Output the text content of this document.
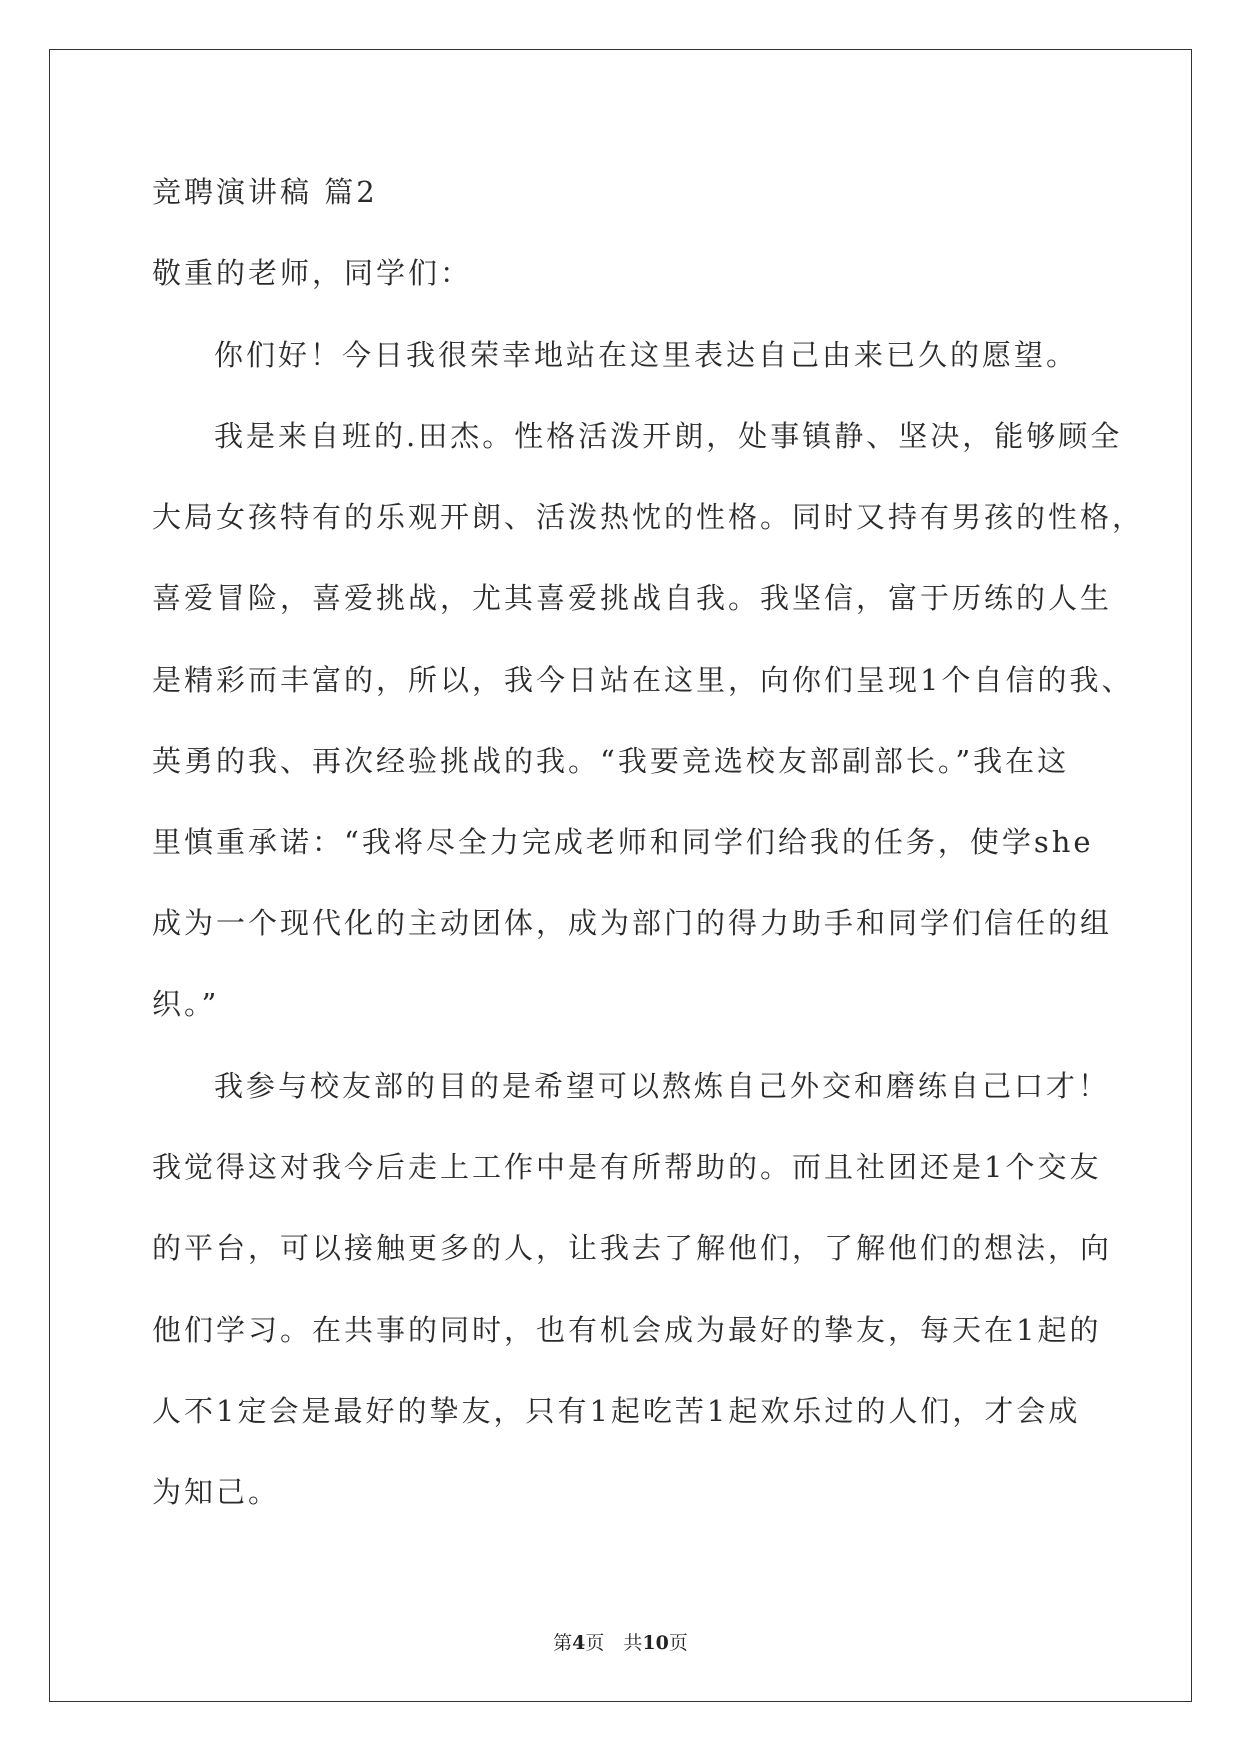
竞聘演讲稿 篇2
敬重的老师，同学们：
你们好！今日我很荣幸地站在这里表达自己由来已久的愿望。
我是来自班的.田杰。性格活泼开朗，处事镇静、坚决，能够顾全
大局女孩特有的乐观开朗、活泼热忱的性格。同时又持有男孩的性格，
喜爱冒险，喜爱挑战，尤其喜爱挑战自我。我坚信，富于历练的人生
是精彩而丰富的，所以，我今日站在这里，向你们呈现1个自信的我、
英勇的我、再次经验挑战的我。“我要竞选校友部副部长。”我在这
里慎重承诺：“我将尽全力完成老师和同学们给我的任务，使学she
成为一个现代化的主动团体，成为部门的得力助手和同学们信任的组
织。”
我参与校友部的目的是希望可以熬炼自己外交和磨练自己口才！
我觉得这对我今后走上工作中是有所帮助的。而且社团还是1个交友
的平台，可以接触更多的人，让我去了解他们，了解他们的想法，向
他们学习。在共事的同时，也有机会成为最好的挚友，每天在1起的
人不1定会是最好的挚友，只有1起吃苦1起欢乐过的人们，才会成
为知己。
第4页　共10页
